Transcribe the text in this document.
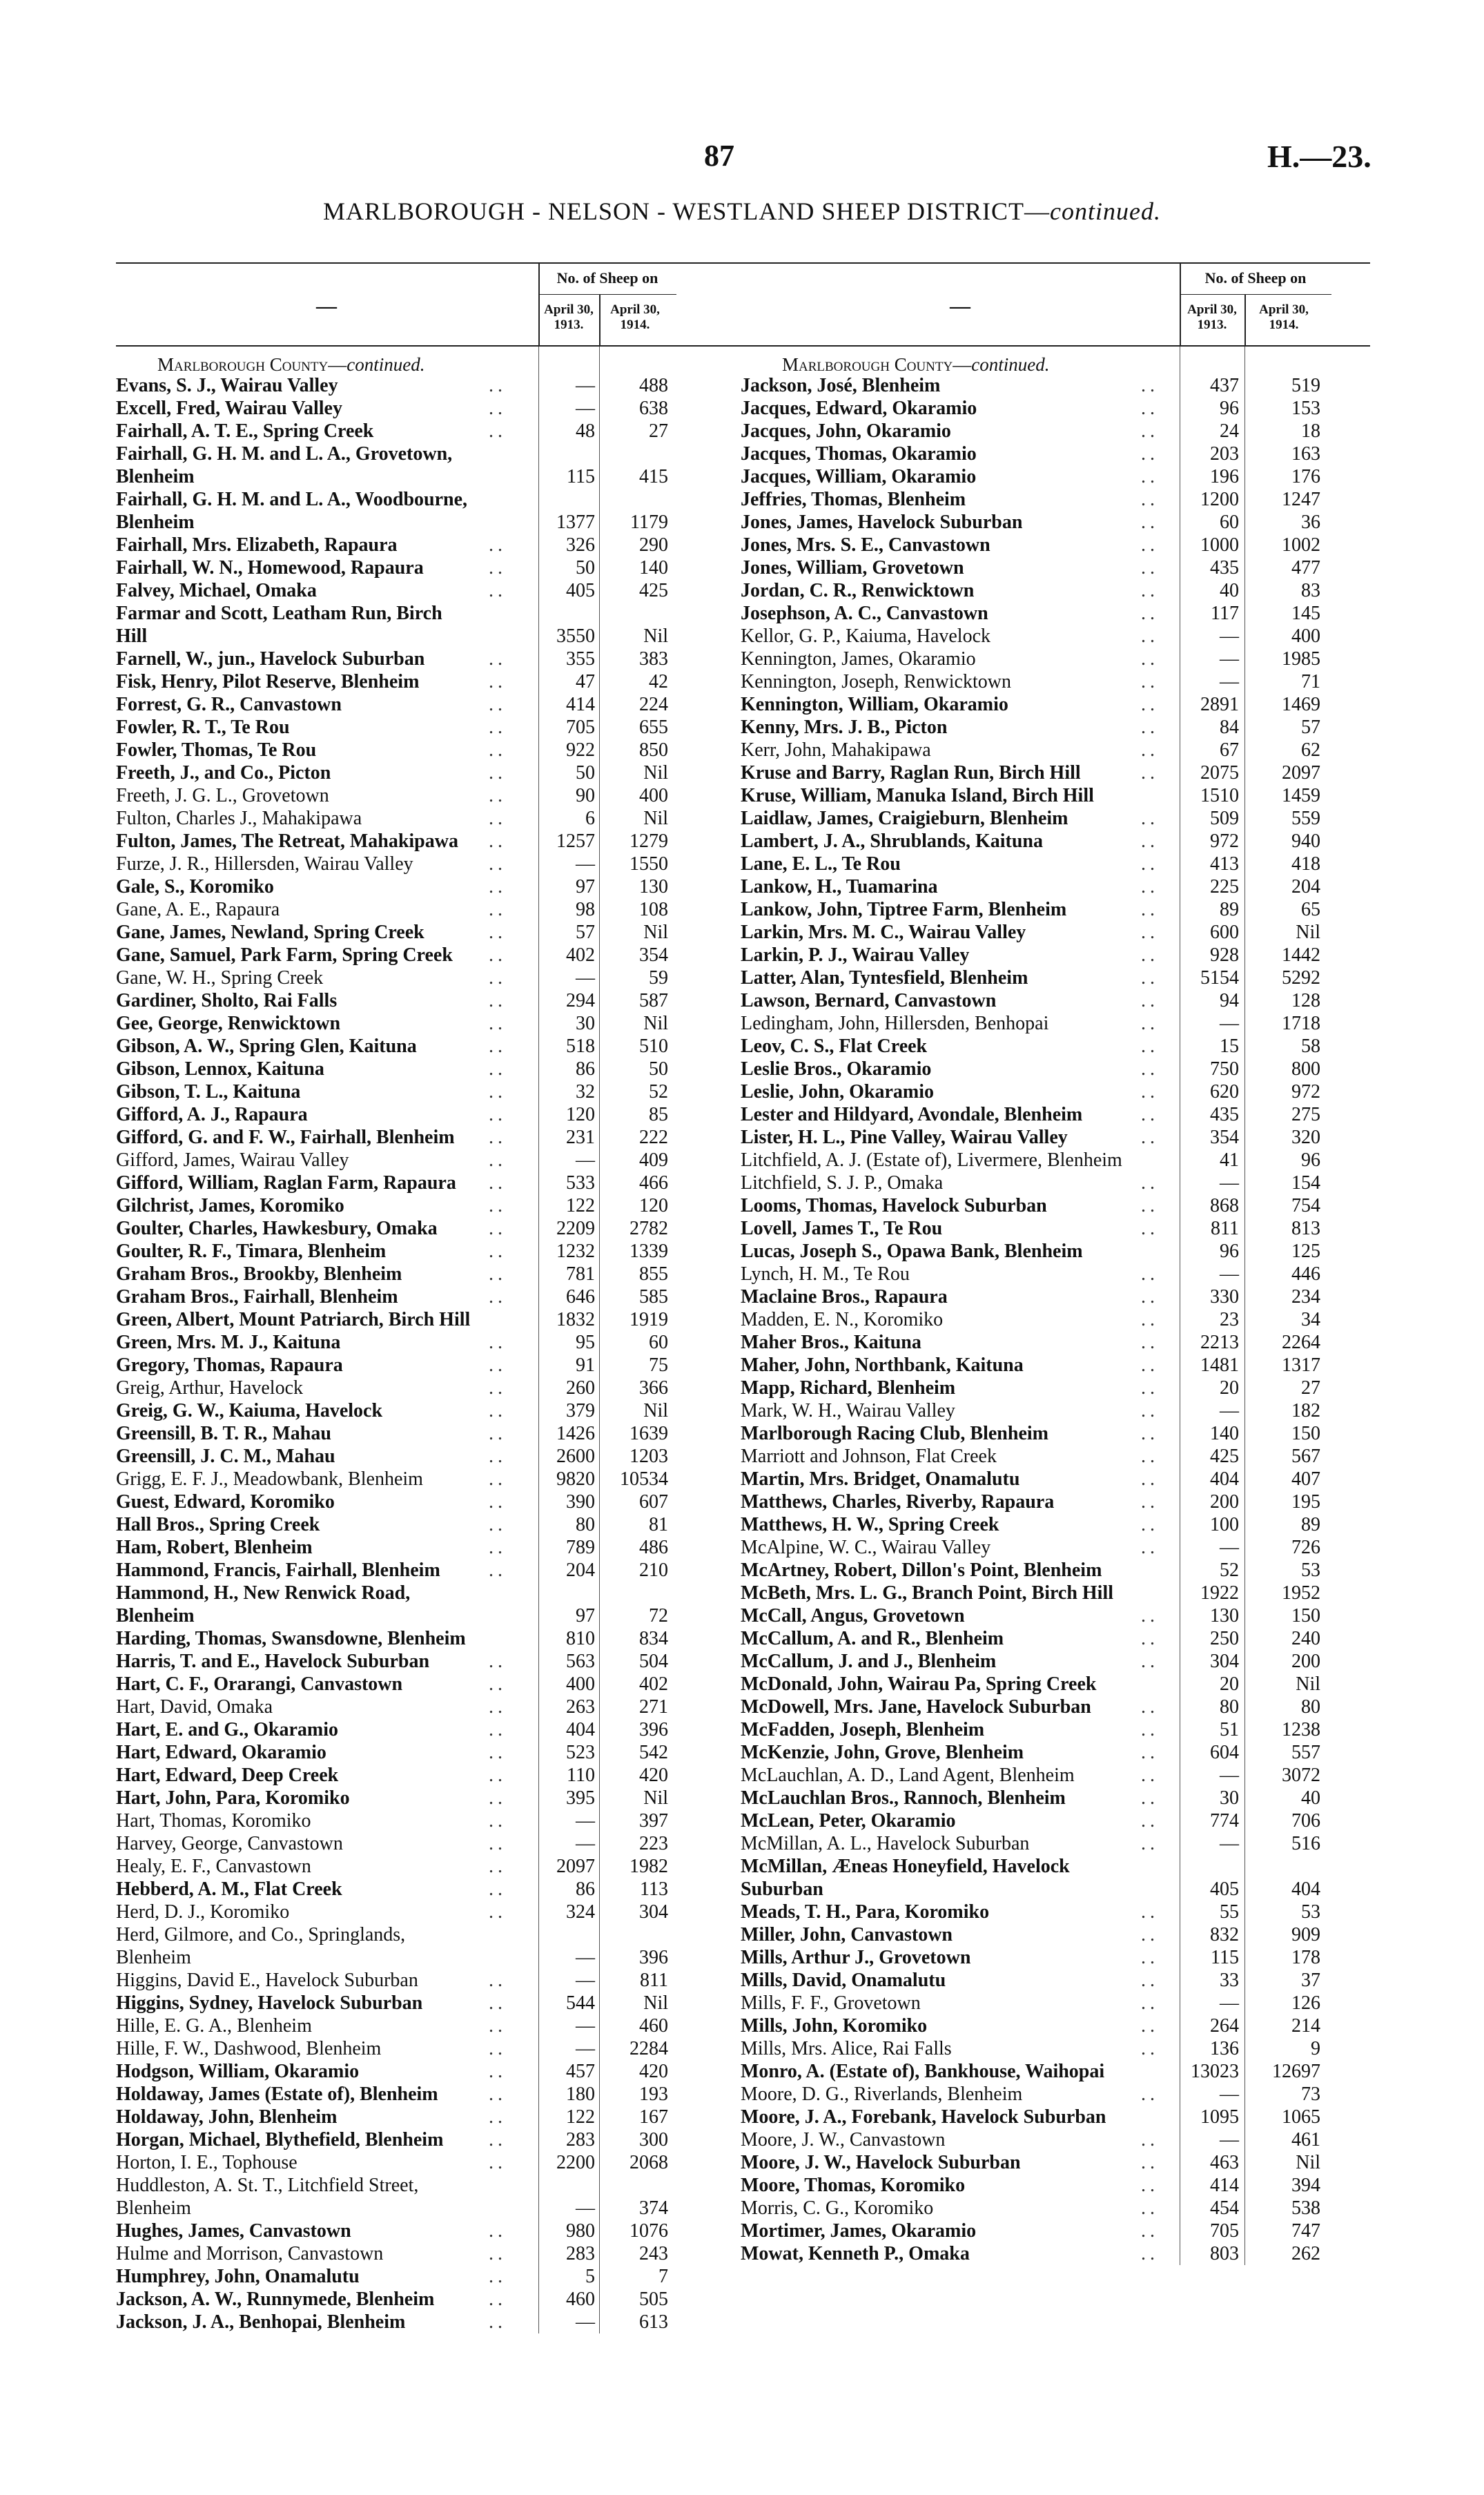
87	H.—23.
MARLBOROUGH - NELSON - WESTLAND SHEEP DISTRICT—continued.
—
No. of Sheep on
April 30, 1913.
April 30, 1914.
Marlborough County—continued.
Evans, S. J., Wairau Valley	..	—	488
Excell, Fred, Wairau Valley	..	—	638
Fairhall, A. T. E., Spring Creek	..	48	27
Fairhall, G. H. M. and L. A., Grovetown, Blenheim	115	415
Fairhall, G. H. M. and L. A., Woodbourne, Blenheim	1377	1179
Fairhall, Mrs. Elizabeth, Rapaura	..	326	290
Fairhall, W. N., Homewood, Rapaura	..	50	140
Falvey, Michael, Omaka	..	405	425
Farmar and Scott, Leatham Run, Birch Hill	3550	Nil
Farnell, W., jun., Havelock Suburban	..	355	383
Fisk, Henry, Pilot Reserve, Blenheim	..	47	42
Forrest, G. R., Canvastown	..	414	224
Fowler, R. T., Te Rou	..	705	655
Fowler, Thomas, Te Rou	..	922	850
Freeth, J., and Co., Picton	..	50	Nil
Freeth, J. G. L., Grovetown	..	90	400
Fulton, Charles J., Mahakipawa	..	6	Nil
Fulton, James, The Retreat, Mahakipawa	..	1257	1279
Furze, J. R., Hillersden, Wairau Valley	..	—	1550
Gale, S., Koromiko	..	97	130
Gane, A. E., Rapaura	..	98	108
Gane, James, Newland, Spring Creek	..	57	Nil
Gane, Samuel, Park Farm, Spring Creek	..	402	354
Gane, W. H., Spring Creek	..	—	59
Gardiner, Sholto, Rai Falls	..	294	587
Gee, George, Renwicktown	..	30	Nil
Gibson, A. W., Spring Glen, Kaituna	..	518	510
Gibson, Lennox, Kaituna	..	86	50
Gibson, T. L., Kaituna	..	32	52
Gifford, A. J., Rapaura	..	120	85
Gifford, G. and F. W., Fairhall, Blenheim	..	231	222
Gifford, James, Wairau Valley	..	—	409
Gifford, William, Raglan Farm, Rapaura	..	533	466
Gilchrist, James, Koromiko	..	122	120
Goulter, Charles, Hawkesbury, Omaka	..	2209	2782
Goulter, R. F., Timara, Blenheim	..	1232	1339
Graham Bros., Brookby, Blenheim	..	781	855
Graham Bros., Fairhall, Blenheim	..	646	585
Green, Albert, Mount Patriarch, Birch Hill	1832	1919
Green, Mrs. M. J., Kaituna	..	95	60
Gregory, Thomas, Rapaura	..	91	75
Greig, Arthur, Havelock	..	260	366
Greig, G. W., Kaiuma, Havelock	..	379	Nil
Greensill, B. T. R., Mahau	..	1426	1639
Greensill, J. C. M., Mahau	..	2600	1203
Grigg, E. F. J., Meadowbank, Blenheim	..	9820	10534
Guest, Edward, Koromiko	..	390	607
Hall Bros., Spring Creek	..	80	81
Ham, Robert, Blenheim	..	789	486
Hammond, Francis, Fairhall, Blenheim	..	204	210
Hammond, H., New Renwick Road, Blenheim	97	72
Harding, Thomas, Swansdowne, Blenheim	810	834
Harris, T. and E., Havelock Suburban	..	563	504
Hart, C. F., Orarangi, Canvastown	..	400	402
Hart, David, Omaka	..	263	271
Hart, E. and G., Okaramio	..	404	396
Hart, Edward, Okaramio	..	523	542
Hart, Edward, Deep Creek	..	110	420
Hart, John, Para, Koromiko	..	395	Nil
Hart, Thomas, Koromiko	..	—	397
Harvey, George, Canvastown	..	—	223
Healy, E. F., Canvastown	..	2097	1982
Hebberd, A. M., Flat Creek	..	86	113
Herd, D. J., Koromiko	..	324	304
Herd, Gilmore, and Co., Springlands, Blenheim	—	396
Higgins, David E., Havelock Suburban	..	—	811
Higgins, Sydney, Havelock Suburban	..	544	Nil
Hille, E. G. A., Blenheim	..	—	460
Hille, F. W., Dashwood, Blenheim	..	—	2284
Hodgson, William, Okaramio	..	457	420
Holdaway, James (Estate of), Blenheim	..	180	193
Holdaway, John, Blenheim	..	122	167
Horgan, Michael, Blythefield, Blenheim	..	283	300
Horton, I. E., Tophouse	..	2200	2068
Huddleston, A. St. T., Litchfield Street, Blenheim	—	374
Hughes, James, Canvastown	..	980	1076
Hulme and Morrison, Canvastown	..	283	243
Humphrey, John, Onamalutu	..	5	7
Jackson, A. W., Runnymede, Blenheim	..	460	505
Jackson, J. A., Benhopai, Blenheim	..	—	613
—
No. of Sheep on
April 30, 1913.
April 30, 1914.
Marlborough County—continued.
Jackson, José, Blenheim	..	437	519
Jacques, Edward, Okaramio	..	96	153
Jacques, John, Okaramio	..	24	18
Jacques, Thomas, Okaramio	..	203	163
Jacques, William, Okaramio	..	196	176
Jeffries, Thomas, Blenheim	..	1200	1247
Jones, James, Havelock Suburban	..	60	36
Jones, Mrs. S. E., Canvastown	..	1000	1002
Jones, William, Grovetown	..	435	477
Jordan, C. R., Renwicktown	..	40	83
Josephson, A. C., Canvastown	..	117	145
Kellor, G. P., Kaiuma, Havelock	..	—	400
Kennington, James, Okaramio	..	—	1985
Kennington, Joseph, Renwicktown	..	—	71
Kennington, William, Okaramio	..	2891	1469
Kenny, Mrs. J. B., Picton	..	84	57
Kerr, John, Mahakipawa	..	67	62
Kruse and Barry, Raglan Run, Birch Hill	..	2075	2097
Kruse, William, Manuka Island, Birch Hill	1510	1459
Laidlaw, James, Craigieburn, Blenheim	..	509	559
Lambert, J. A., Shrublands, Kaituna	..	972	940
Lane, E. L., Te Rou	..	413	418
Lankow, H., Tuamarina	..	225	204
Lankow, John, Tiptree Farm, Blenheim	..	89	65
Larkin, Mrs. M. C., Wairau Valley	..	600	Nil
Larkin, P. J., Wairau Valley	..	928	1442
Latter, Alan, Tyntesfield, Blenheim	..	5154	5292
Lawson, Bernard, Canvastown	..	94	128
Ledingham, John, Hillersden, Benhopai	..	—	1718
Leov, C. S., Flat Creek	..	15	58
Leslie Bros., Okaramio	..	750	800
Leslie, John, Okaramio	..	620	972
Lester and Hildyard, Avondale, Blenheim	..	435	275
Lister, H. L., Pine Valley, Wairau Valley	..	354	320
Litchfield, A. J. (Estate of), Livermere, Blenheim	41	96
Litchfield, S. J. P., Omaka	..	—	154
Looms, Thomas, Havelock Suburban	..	868	754
Lovell, James T., Te Rou	..	811	813
Lucas, Joseph S., Opawa Bank, Blenheim	96	125
Lynch, H. M., Te Rou	..	—	446
Maclaine Bros., Rapaura	..	330	234
Madden, E. N., Koromiko	..	23	34
Maher Bros., Kaituna	..	2213	2264
Maher, John, Northbank, Kaituna	..	1481	1317
Mapp, Richard, Blenheim	..	20	27
Mark, W. H., Wairau Valley	..	—	182
Marlborough Racing Club, Blenheim	..	140	150
Marriott and Johnson, Flat Creek	..	425	567
Martin, Mrs. Bridget, Onamalutu	..	404	407
Matthews, Charles, Riverby, Rapaura	..	200	195
Matthews, H. W., Spring Creek	..	100	89
McAlpine, W. C., Wairau Valley	..	—	726
McArtney, Robert, Dillon's Point, Blenheim	52	53
McBeth, Mrs. L. G., Branch Point, Birch Hill	1922	1952
McCall, Angus, Grovetown	..	130	150
McCallum, A. and R., Blenheim	..	250	240
McCallum, J. and J., Blenheim	..	304	200
McDonald, John, Wairau Pa, Spring Creek	20	Nil
McDowell, Mrs. Jane, Havelock Suburban	..	80	80
McFadden, Joseph, Blenheim	..	51	1238
McKenzie, John, Grove, Blenheim	..	604	557
McLauchlan, A. D., Land Agent, Blenheim	..	—	3072
McLauchlan Bros., Rannoch, Blenheim	..	30	40
McLean, Peter, Okaramio	..	774	706
McMillan, A. L., Havelock Suburban	..	—	516
McMillan, Æneas Honeyfield, Havelock Suburban	405	404
Meads, T. H., Para, Koromiko	..	55	53
Miller, John, Canvastown	..	832	909
Mills, Arthur J., Grovetown	..	115	178
Mills, David, Onamalutu	..	33	37
Mills, F. F., Grovetown	..	—	126
Mills, John, Koromiko	..	264	214
Mills, Mrs. Alice, Rai Falls	..	136	9
Monro, A. (Estate of), Bankhouse, Waihopai	13023	12697
Moore, D. G., Riverlands, Blenheim	..	—	73
Moore, J. A., Forebank, Havelock Suburban	1095	1065
Moore, J. W., Canvastown	..	—	461
Moore, J. W., Havelock Suburban	..	463	Nil
Moore, Thomas, Koromiko	..	414	394
Morris, C. G., Koromiko	..	454	538
Mortimer, James, Okaramio	..	705	747
Mowat, Kenneth P., Omaka	..	803	262
